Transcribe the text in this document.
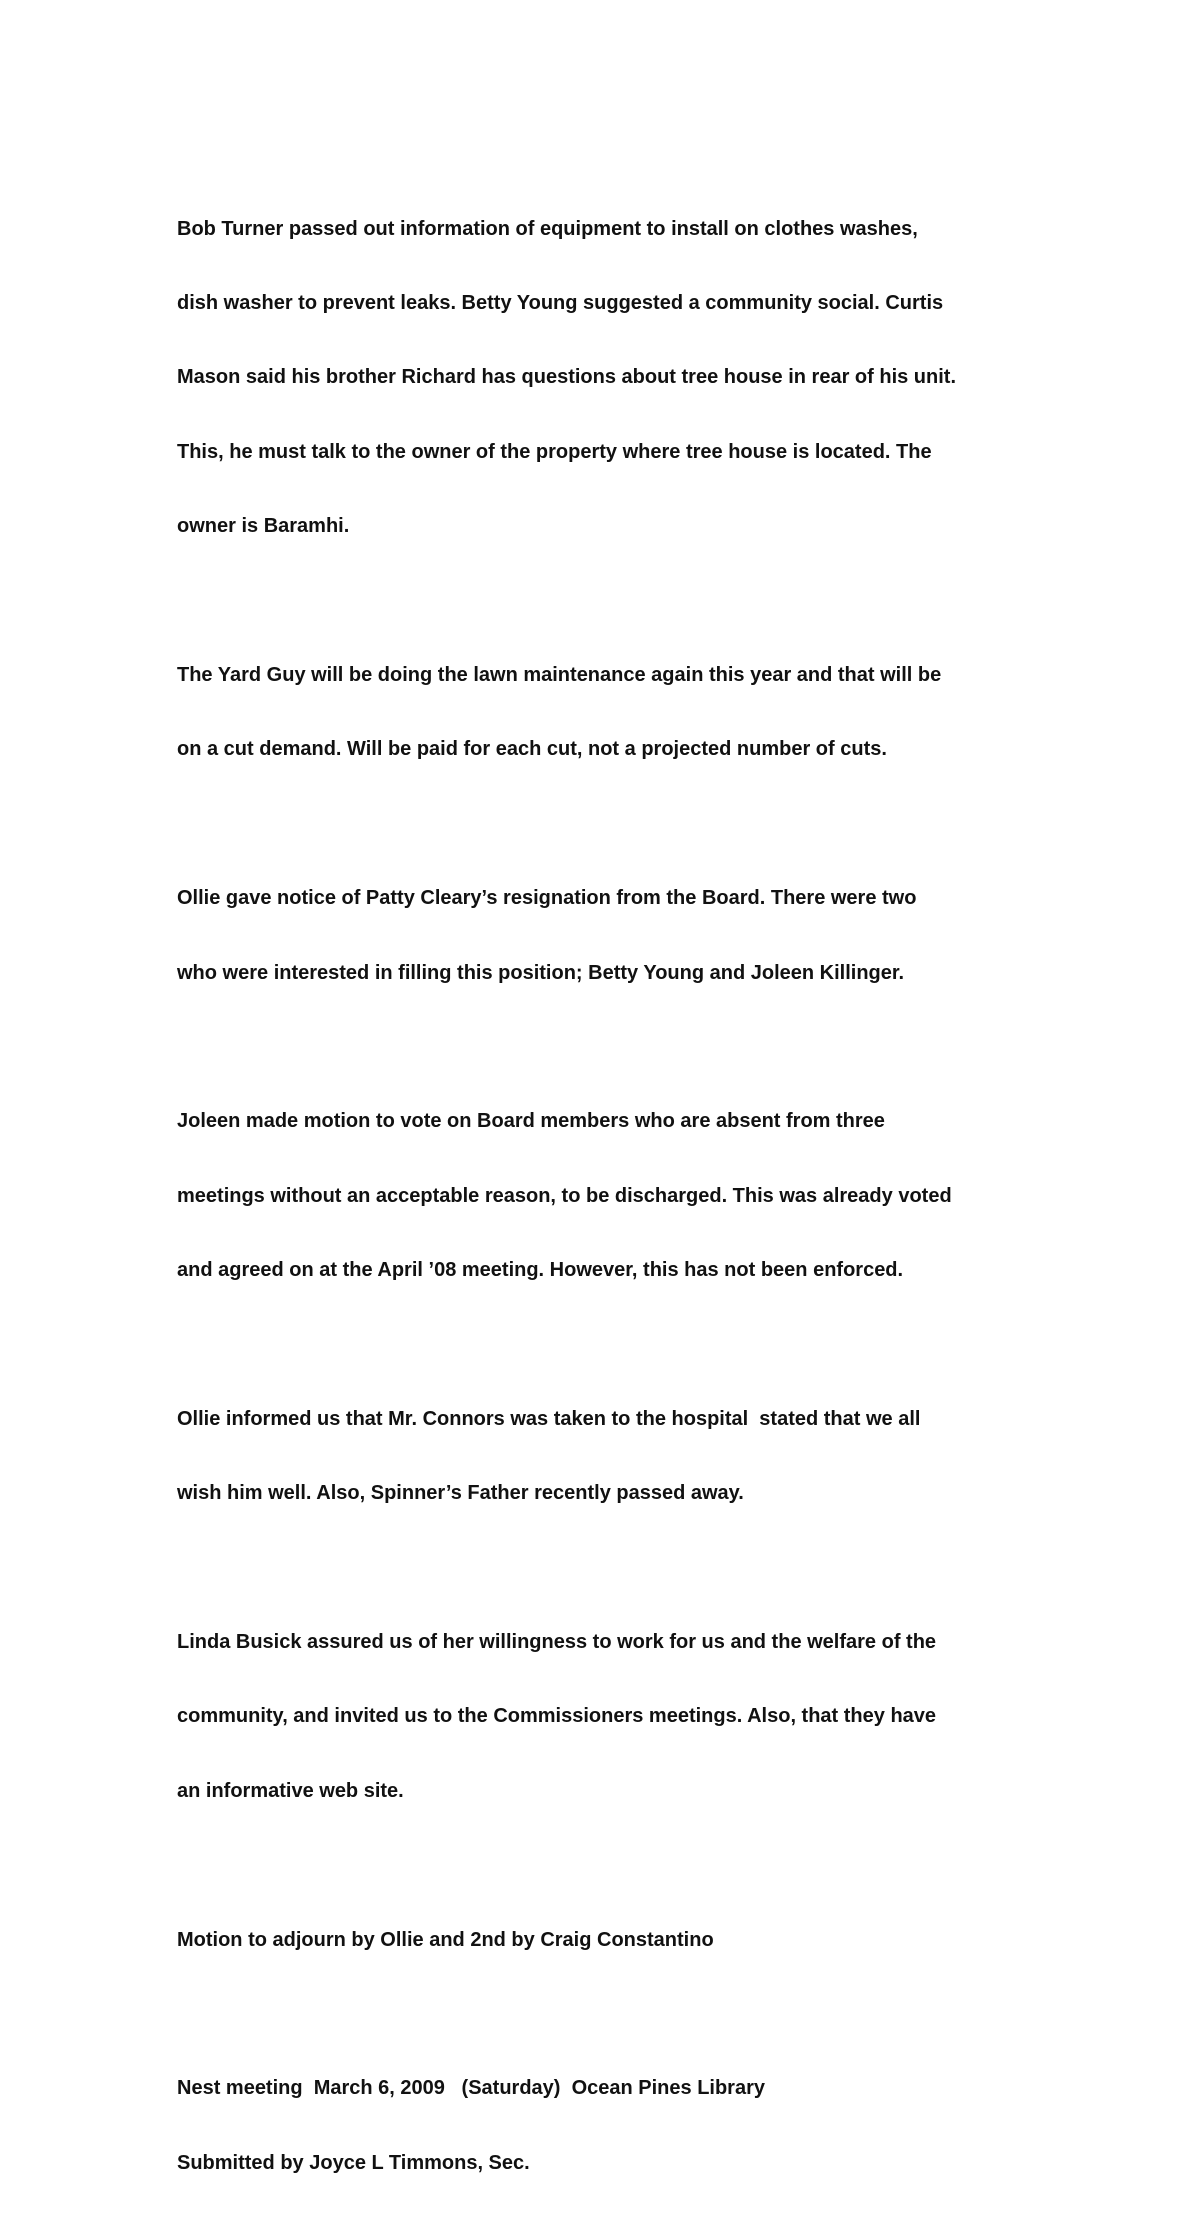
Bob Turner passed out information of equipment to install on clothes washes,

dish washer to prevent leaks. Betty Young suggested a community social. Curtis

Mason said his brother Richard has questions about tree house in rear of his unit.

This, he must talk to the owner of the property where tree house is located. The

owner is Baramhi.

The Yard Guy will be doing the lawn maintenance again this year and that will be

on a cut demand. Will be paid for each cut, not a projected number of cuts.

Ollie gave notice of Patty Cleary’s resignation from the Board. There were two

who were interested in filling this position; Betty Young and Joleen Killinger.

Joleen made motion to vote on Board members who are absent from three

meetings without an acceptable reason, to be discharged. This was already voted

and agreed on at the April ’08 meeting. However, this has not been enforced.

Ollie informed us that Mr. Connors was taken to the hospital  stated that we all

wish him well. Also, Spinner’s Father recently passed away.

Linda Busick assured us of her willingness to work for us and the welfare of the

community, and invited us to the Commissioners meetings. Also, that they have

an informative web site.

Motion to adjourn by Ollie and 2nd by Craig Constantino

Nest meeting  March 6, 2009   (Saturday)  Ocean Pines Library

Submitted by Joyce L Timmons, Sec.
